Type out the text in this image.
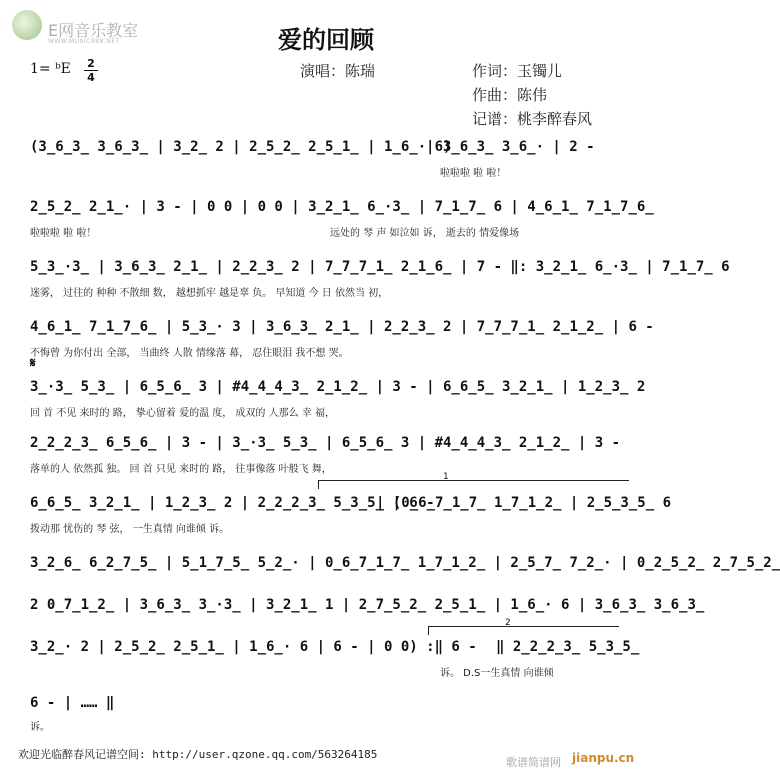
E网音乐教室
WWW.MUSIC988.NET	爱的回顾
演唱：陈瑞	作词：玉镯儿
作曲：陈伟
记谱：桃李醉春风
1= ᵇE 2
4
(3̲6̲3̲ 3̲6̲3̲ | 3̲2̲ 2 | 2̲5̲2̲ 2̲5̲1̲ | 1̲6̲· 6)
| 3̲6̲3̲ 3̲6̲· | 2 -
啦啦啦 啦 啦！
2̲5̲2̲ 2̲1̲· | 3 - | 0 0 | 0 0 | 3̲2̲1̲ 6̲·3̲ | 7̲1̲7̲ 6 | 4̲6̲1̲ 7̲1̲7̲6̲
啦啦啦 啦 啦！	远处的 琴 声 如泣如 诉， 逝去的 情爱像场
5̲3̲·3̲ | 3̲6̲3̲ 2̲1̲ | 2̲2̲3̲ 2 | 7̲7̲7̲1̲ 2̲1̲6̲ | 7 - ‖: 3̲2̲1̲ 6̲·3̲ | 7̲1̲7̲ 6
迷雾， 过往的 种种 不散细 数， 越想抓牢 越是辜 负。 早知道 今 日 依然当 初，
4̲6̲1̲ 7̲1̲7̲6̲ | 5̲3̲· 3 | 3̲6̲3̲ 2̲1̲ | 2̲2̲3̲ 2 | 7̲7̲7̲1̲ 2̲1̲2̲ | 6 -
不悔曾 为你付出 全部， 当曲终 人散 情缘落 幕， 忍住眼泪 我不想 哭。
𝄋
3̲·3̲ 5̲3̲ | 6̲5̲6̲ 3 | #4̲4̲4̲3̲ 2̲1̲2̲ | 3 - | 6̲6̲5̲ 3̲2̲1̲ | 1̲2̲3̲ 2
回 首 不见 来时的 路， 挚心留着 爱的温 度， 成双的 人那么 幸 福，
2̲2̲2̲3̲ 6̲5̲6̲ | 3 - | 3̲·3̲ 5̲3̲ | 6̲5̲6̲ 3 | #4̲4̲4̲3̲ 2̲1̲2̲ | 3 -
落单的人 依然孤 独。 回 首 只见 来时的 路， 往事像落 叶般飞 舞，
1
6̲6̲5̲ 3̲2̲1̲ | 1̲2̲3̲ 2 | 2̲2̲2̲3̲ 5̲3̲5̲ | 6 -
| (0̲6̲7̲1̲7̲ 1̲7̲1̲2̲ | 2̲5̲3̲5̲ 6
拨动那 忧伤的 琴 弦， 一生真情 向谁倾 诉。
3̲2̲6̲ 6̲2̲7̲5̲ | 5̲1̲7̲5̲ 5̲2̲· | 0̲6̲7̲1̲7̲ 1̲7̲1̲2̲ | 2̲5̲7̲ 7̲2̲· | 0̲2̲5̲2̲ 2̲7̲5̲2̲
2 0̲7̲1̲2̲ | 3̲6̲3̲ 3̲·3̲ | 3̲2̲1̲ 1 | 2̲7̲5̲2̲ 2̲5̲1̲ | 1̲6̲· 6 | 3̲6̲3̲ 3̲6̲3̲
2
3̲2̲· 2 | 2̲5̲2̲ 2̲5̲1̲ | 1̲6̲· 6 | 6 - | 0 0) :‖ 6 - ‖ 2̲2̲2̲3̲ 5̲3̲5̲
诉。 D.S一生真情 向谁倾
6 - | …… ‖
诉。
欢迎光临醉春风记谱空间: http://user.qzone.qq.com/563264185
歌谱简谱网 jianpu.cn
